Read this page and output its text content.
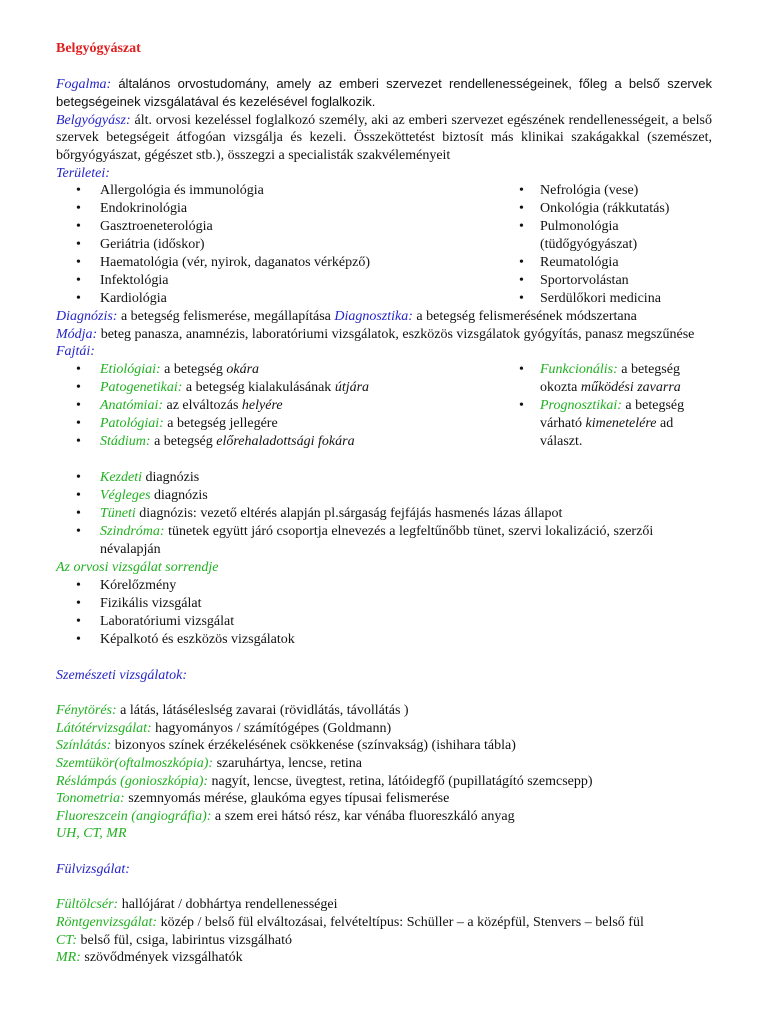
Belgyógyászat

Fogalma: általános orvostudomány, amely az emberi szervezet rendellenességeinek, főleg a belső szervek betegségeinek vizsgálatával és kezelésével foglalkozik.

Belgyógyász: ált. orvosi kezeléssel foglalkozó személy, aki az emberi szervezet egészének rendellenességeit, a belső szervek betegségeit átfogóan vizsgálja és kezeli. Összeköttetést biztosít más klinikai szakágakkal (szemészet, bőrgyógyászat, gégészet stb.), összegzi a specialisták szakvéleményeit

Területei:

• Allergológia és immunológia
• Endokrinológia
• Gasztroeneterológia
• Geriátria (időskor)
• Haematológia (vér, nyirok, daganatos vérképző)
• Infektológia
• Kardiológia
• Nefrológia (vese)
• Onkológia (rákkutatás)
• Pulmonológia (tüdőgyógyászat)
• Reumatológia
• Sportorvolástan
• Serdülőkori medicina

Diagnózis: a betegség felismerése, megállapítása Diagnosztika: a betegség felismerésének módszertana

Módja: beteg panasza, anamnézis, laboratóriumi vizsgálatok, eszközös vizsgálatok gyógyítás, panasz megszűnése

Fajtái:

• Etiológiai: a betegség okára
• Patogenetikai: a betegség kialakulásának útjára
• Anatómiai: az elváltozás helyére
• Patológiai: a betegség jellegére
• Stádium: a betegség előrehaladottsági fokára
• Funkcionális: a betegség okozta működési zavarra
• Prognosztikai: a betegség várható kimenetelére ad választ.
• Kezdeti diagnózis
• Végleges diagnózis
• Tüneti diagnózis: vezető eltérés alapján pl.sárgaság fejfájás hasmenés lázas állapot
• Szindróma: tünetek együtt járó csoportja elnevezés a legfeltűnőbb tünet, szervi lokalizáció, szerzői névalapján

Az orvosi vizsgálat sorrendje

• Kórelőzmény
• Fizikális vizsgálat
• Laboratóriumi vizsgálat
• Képalkotó és eszközös vizsgálatok

Szemészeti vizsgálatok:

Fénytörés: a látás, látáséleslség zavarai (rövidlátás, távollátás )

Látótérvizsgálat: hagyományos / számítógépes (Goldmann)

Színlátás: bizonyos színek érzékelésének csökkenése (színvakság) (ishihara tábla)

Szemtükör(oftalmoszkópia): szaruhártya, lencse, retina

Réslámpás (gonioszkópia): nagyít, lencse, üvegtest, retina, látóidegfő (pupillatágító szemcsepp)

Tonometria: szemnyomás mérése, glaukóma egyes típusai felismerése

Fluoreszcein (angiográfia): a szem erei hátsó rész, kar vénába fluoreszkáló anyag

UH, CT, MR

Fülvizsgálat:

Fültölcsér: hallójárat / dobhártya rendellenességei

Röntgenvizsgálat: közép / belső fül elváltozásai, felvételtípus: Schüller – a középfül, Stenvers – belső fül

CT: belső fül, csiga, labirintus vizsgálható

MR: szövődmények vizsgálhatók
